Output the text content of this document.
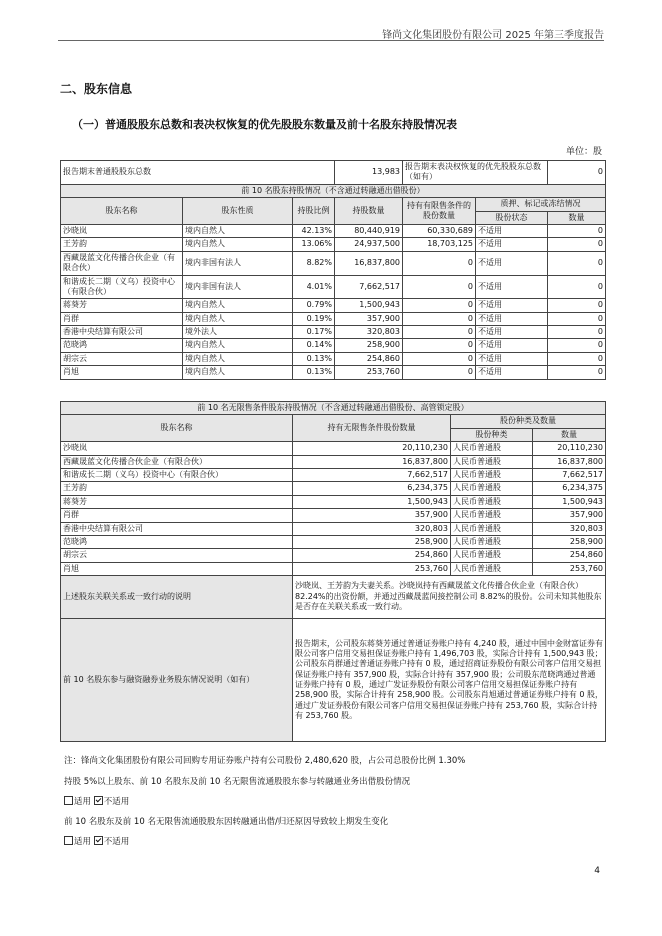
锋尚文化集团股份有限公司 2025 年第三季度报告
二、股东信息
（一）普通股股东总数和表决权恢复的优先股股东数量及前十名股东持股情况表
单位：股
报告期末普通股股东总数			13,983	报告期末表决权恢复的优先股股东总数（如有）		0
前 10 名股东持股情况（不含通过转融通出借股份）						
股东名称	股东性质	持股比例	持股数量	持有有限售条件的股份数量	质押、标记或冻结情况	
					股份状态	数量
沙晓岚	境内自然人	42.13%	80,440,919	60,330,689	不适用	0
王芳韵	境内自然人	13.06%	24,937,500	18,703,125	不适用	0
西藏晟蓝文化传播合伙企业（有限合伙）	境内非国有法人	8.82%	16,837,800	0	不适用	0
和谐成长二期（义乌）投资中心（有限合伙）	境内非国有法人	4.01%	7,662,517	0	不适用	0
蒋葵芳	境内自然人	0.79%	1,500,943	0	不适用	0
肖群	境内自然人	0.19%	357,900	0	不适用	0
香港中央结算有限公司	境外法人	0.17%	320,803	0	不适用	0
范晓鸿	境内自然人	0.14%	258,900	0	不适用	0
胡宗云	境内自然人	0.13%	254,860	0	不适用	0
肖旭	境内自然人	0.13%	253,760	0	不适用	0
前 10 名无限售条件股东持股情况（不含通过转融通出借股份、高管锁定股）			
股东名称	持有无限售条件股份数量	股份种类及数量	
		股份种类	数量
沙晓岚	20,110,230	人民币普通股	20,110,230
西藏晟蓝文化传播合伙企业（有限合伙）	16,837,800	人民币普通股	16,837,800
和谐成长二期（义乌）投资中心（有限合伙）	7,662,517	人民币普通股	7,662,517
王芳韵	6,234,375	人民币普通股	6,234,375
蒋葵芳	1,500,943	人民币普通股	1,500,943
肖群	357,900	人民币普通股	357,900
香港中央结算有限公司	320,803	人民币普通股	320,803
范晓鸿	258,900	人民币普通股	258,900
胡宗云	254,860	人民币普通股	254,860
肖旭	253,760	人民币普通股	253,760
上述股东关联关系或一致行动的说明	沙晓岚、王芳韵为夫妻关系。沙晓岚持有西藏晟蓝文化传播合伙企业（有限合伙）82.24%的出资份额，并通过西藏晟蓝间接控制公司 8.82%的股份。公司未知其他股东是否存在关联关系或一致行动。		
前 10 名股东参与融资融券业务股东情况说明（如有）	报告期末，公司股东蒋葵芳通过普通证券账户持有 4,240 股，通过中国中金财富证券有限公司客户信用交易担保证券账户持有 1,496,703 股，实际合计持有 1,500,943 股；公司股东肖群通过普通证券账户持有 0 股，通过招商证券股份有限公司客户信用交易担保证券账户持有 357,900 股，实际合计持有 357,900 股；公司股东范晓鸿通过普通证券账户持有 0 股，通过广发证券股份有限公司客户信用交易担保证券账户持有 258,900 股，实际合计持有 258,900 股。公司股东肖旭通过普通证券账户持有 0 股，通过广发证券股份有限公司客户信用交易担保证券账户持有 253,760 股，实际合计持有 253,760 股。		
注：锋尚文化集团股份有限公司回购专用证券账户持有公司股份 2,480,620 股，占公司总股份比例 1.30%
持股 5%以上股东、前 10 名股东及前 10 名无限售流通股股东参与转融通业务出借股份情况
适用 不适用
前 10 名股东及前 10 名无限售流通股股东因转融通出借/归还原因导致较上期发生变化
适用 不适用
4
